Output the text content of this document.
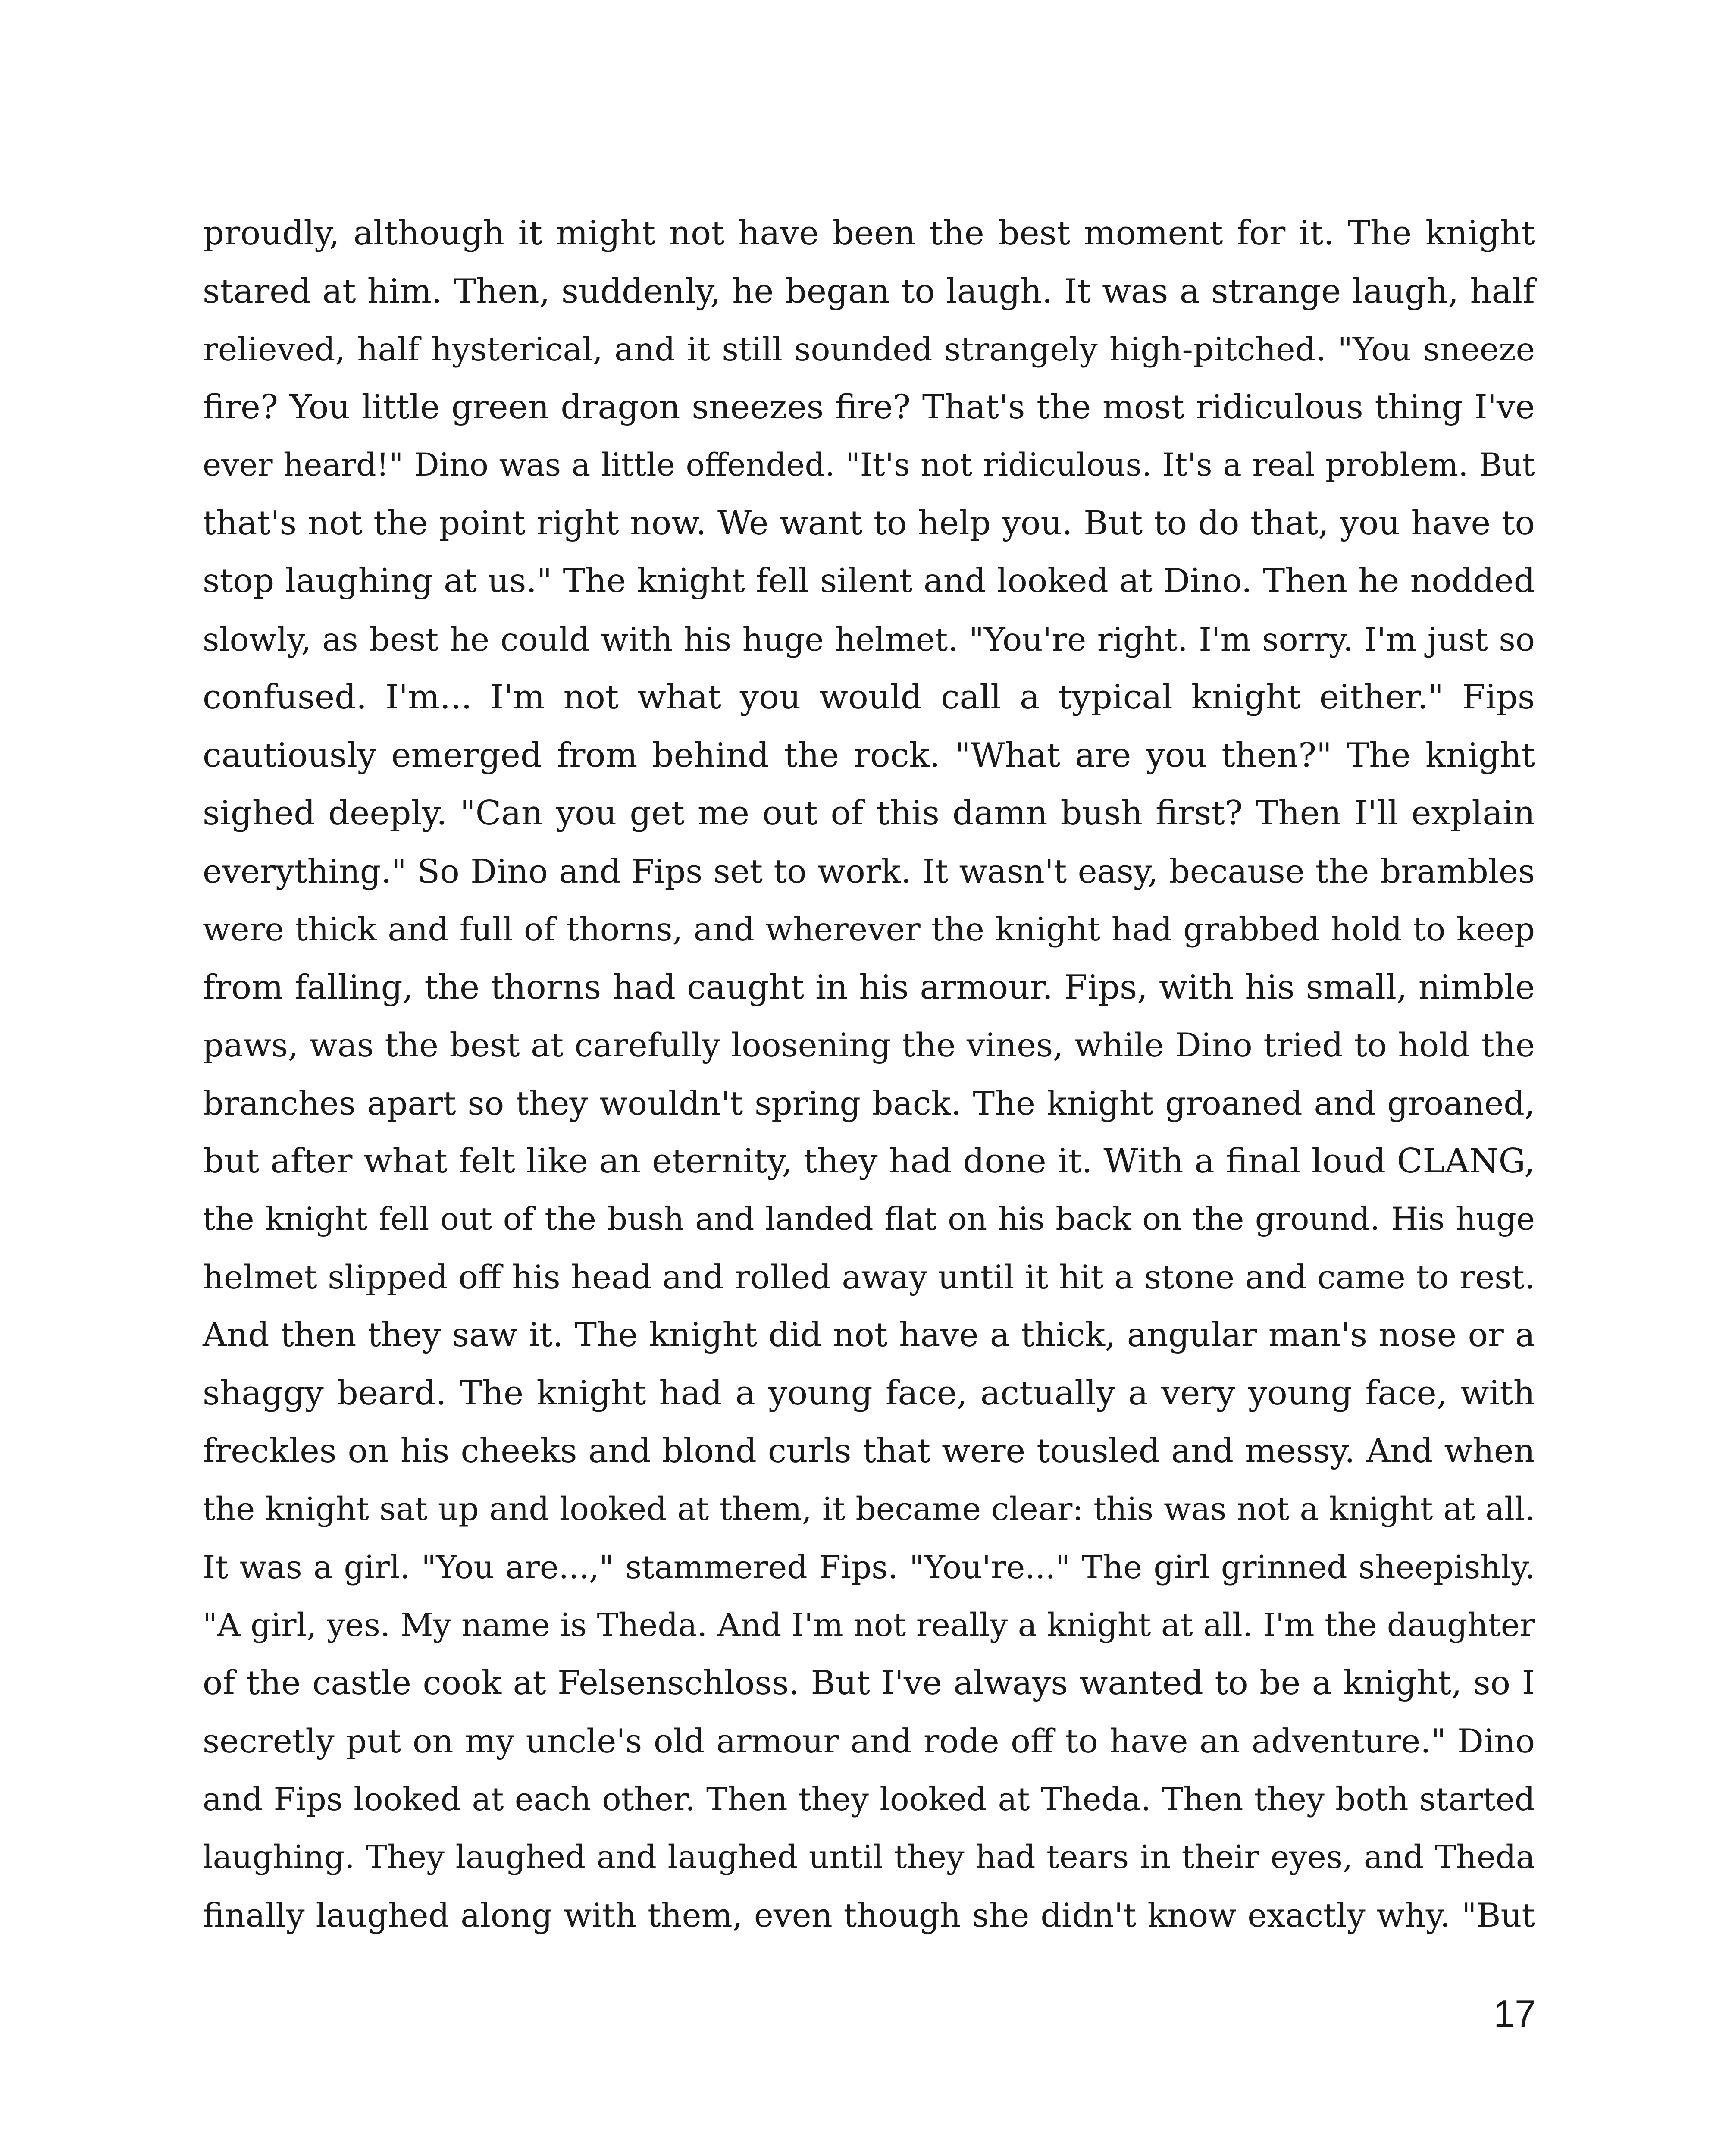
proudly, although it might not have been the best moment for it. The knight
stared at him. Then, suddenly, he began to laugh. It was a strange laugh, half
relieved, half hysterical, and it still sounded strangely high-pitched. "You sneeze
fire? You little green dragon sneezes fire? That's the most ridiculous thing I've
ever heard!" Dino was a little offended. "It's not ridiculous. It's a real problem. But
that's not the point right now. We want to help you. But to do that, you have to
stop laughing at us." The knight fell silent and looked at Dino. Then he nodded
slowly, as best he could with his huge helmet. "You're right. I'm sorry. I'm just so
confused. I'm... I'm not what you would call a typical knight either." Fips
cautiously emerged from behind the rock. "What are you then?" The knight
sighed deeply. "Can you get me out of this damn bush first? Then I'll explain
everything." So Dino and Fips set to work. It wasn't easy, because the brambles
were thick and full of thorns, and wherever the knight had grabbed hold to keep
from falling, the thorns had caught in his armour. Fips, with his small, nimble
paws, was the best at carefully loosening the vines, while Dino tried to hold the
branches apart so they wouldn't spring back. The knight groaned and groaned,
but after what felt like an eternity, they had done it. With a final loud CLANG,
the knight fell out of the bush and landed flat on his back on the ground. His huge
helmet slipped off his head and rolled away until it hit a stone and came to rest.
And then they saw it. The knight did not have a thick, angular man's nose or a
shaggy beard. The knight had a young face, actually a very young face, with
freckles on his cheeks and blond curls that were tousled and messy. And when
the knight sat up and looked at them, it became clear: this was not a knight at all.
It was a girl. "You are...," stammered Fips. "You're..." The girl grinned sheepishly.
"A girl, yes. My name is Theda. And I'm not really a knight at all. I'm the daughter
of the castle cook at Felsenschloss. But I've always wanted to be a knight, so I
secretly put on my uncle's old armour and rode off to have an adventure." Dino
and Fips looked at each other. Then they looked at Theda. Then they both started
laughing. They laughed and laughed until they had tears in their eyes, and Theda
finally laughed along with them, even though she didn't know exactly why. "But
17
